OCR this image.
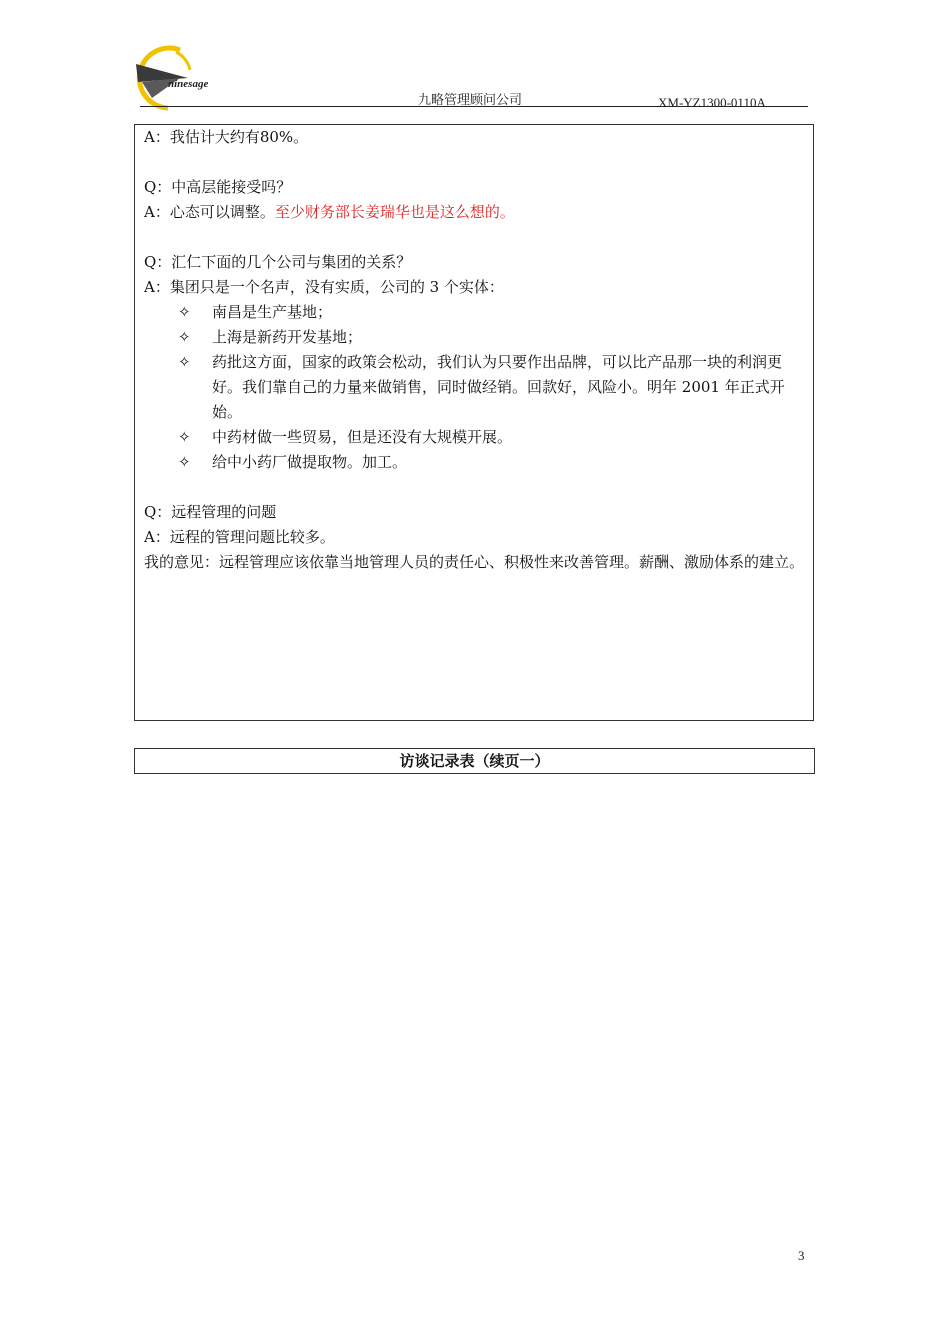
ninesage
九略管理顾问公司	XM-YZ1300-0110A

A：我估计大约有80%。

Q：中高层能接受吗？

A：心态可以调整。至少财务部长姜瑞华也是这么想的。

Q：汇仁下面的几个公司与集团的关系？

A：集团只是一个名声，没有实质，公司的 3 个实体：

✧	南昌是生产基地；
✧	上海是新药开发基地；
✧	药批这方面，国家的政策会松动，我们认为只要作出品牌，可以比产品那一块的利润更好。我们靠自己的力量来做销售，同时做经销。回款好，风险小。明年 2001 年正式开始。
✧	中药材做一些贸易，但是还没有大规模开展。
✧	给中小药厂做提取物。加工。

Q：远程管理的问题

A：远程的管理问题比较多。

我的意见：远程管理应该依靠当地管理人员的责任心、积极性来改善管理。薪酬、激励体系的建立。

访谈记录表（续页一）
3
